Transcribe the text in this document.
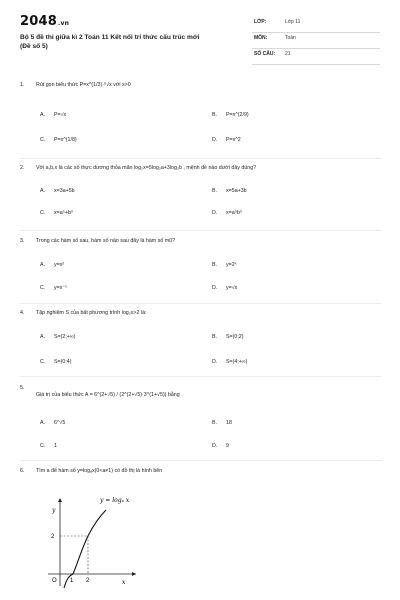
2048.vn
Bộ 5 đề thi giữa kì 2 Toán 11 Kết nối tri thức cấu trúc mới
(Đề số 5)
LỚP:	Lớp 11
MÔN:	Toán
SỐ CÂU: 21
1. Rút gọn biểu thức P=x^(1/3)·⁶√x với x>0
A. P=√x	B. P=x^(2/9)
C. P=x^(1/8)	D. P=x^2
2. Với a,b,x là các số thực dương thỏa mãn log₂x=5log₂a+3log₂b , mệnh đề nào dưới đây đúng?
A. x=3a+5b	B. x=5a+3b
C. x=a⁵+b³	D. x=a⁵b³
3. Trong các hàm số sau, hàm số nào sau đây là hàm số mũ?
A. y=x²	B. y=2ˣ
C. y=x⁻¹	D. y=√x
4. Tập nghiệm S của bất phương trình log₂x>2 là:
A. S=(2;+∞)	B. S=(0;2)
C. S=(0;4)	D. S=(4;+∞)
5.
Giá trị của biểu thức A = 6^(2+√5) / (2^(2+√5)·3^(1+√5)) bằng
A. 6^√5	B. 18
C. 1	D. 9
6. Tìm a để hàm số y=logₐx(0<a≠1) có đồ thị là hình bên
y = logₐ x
y
x
O 1 2
2
